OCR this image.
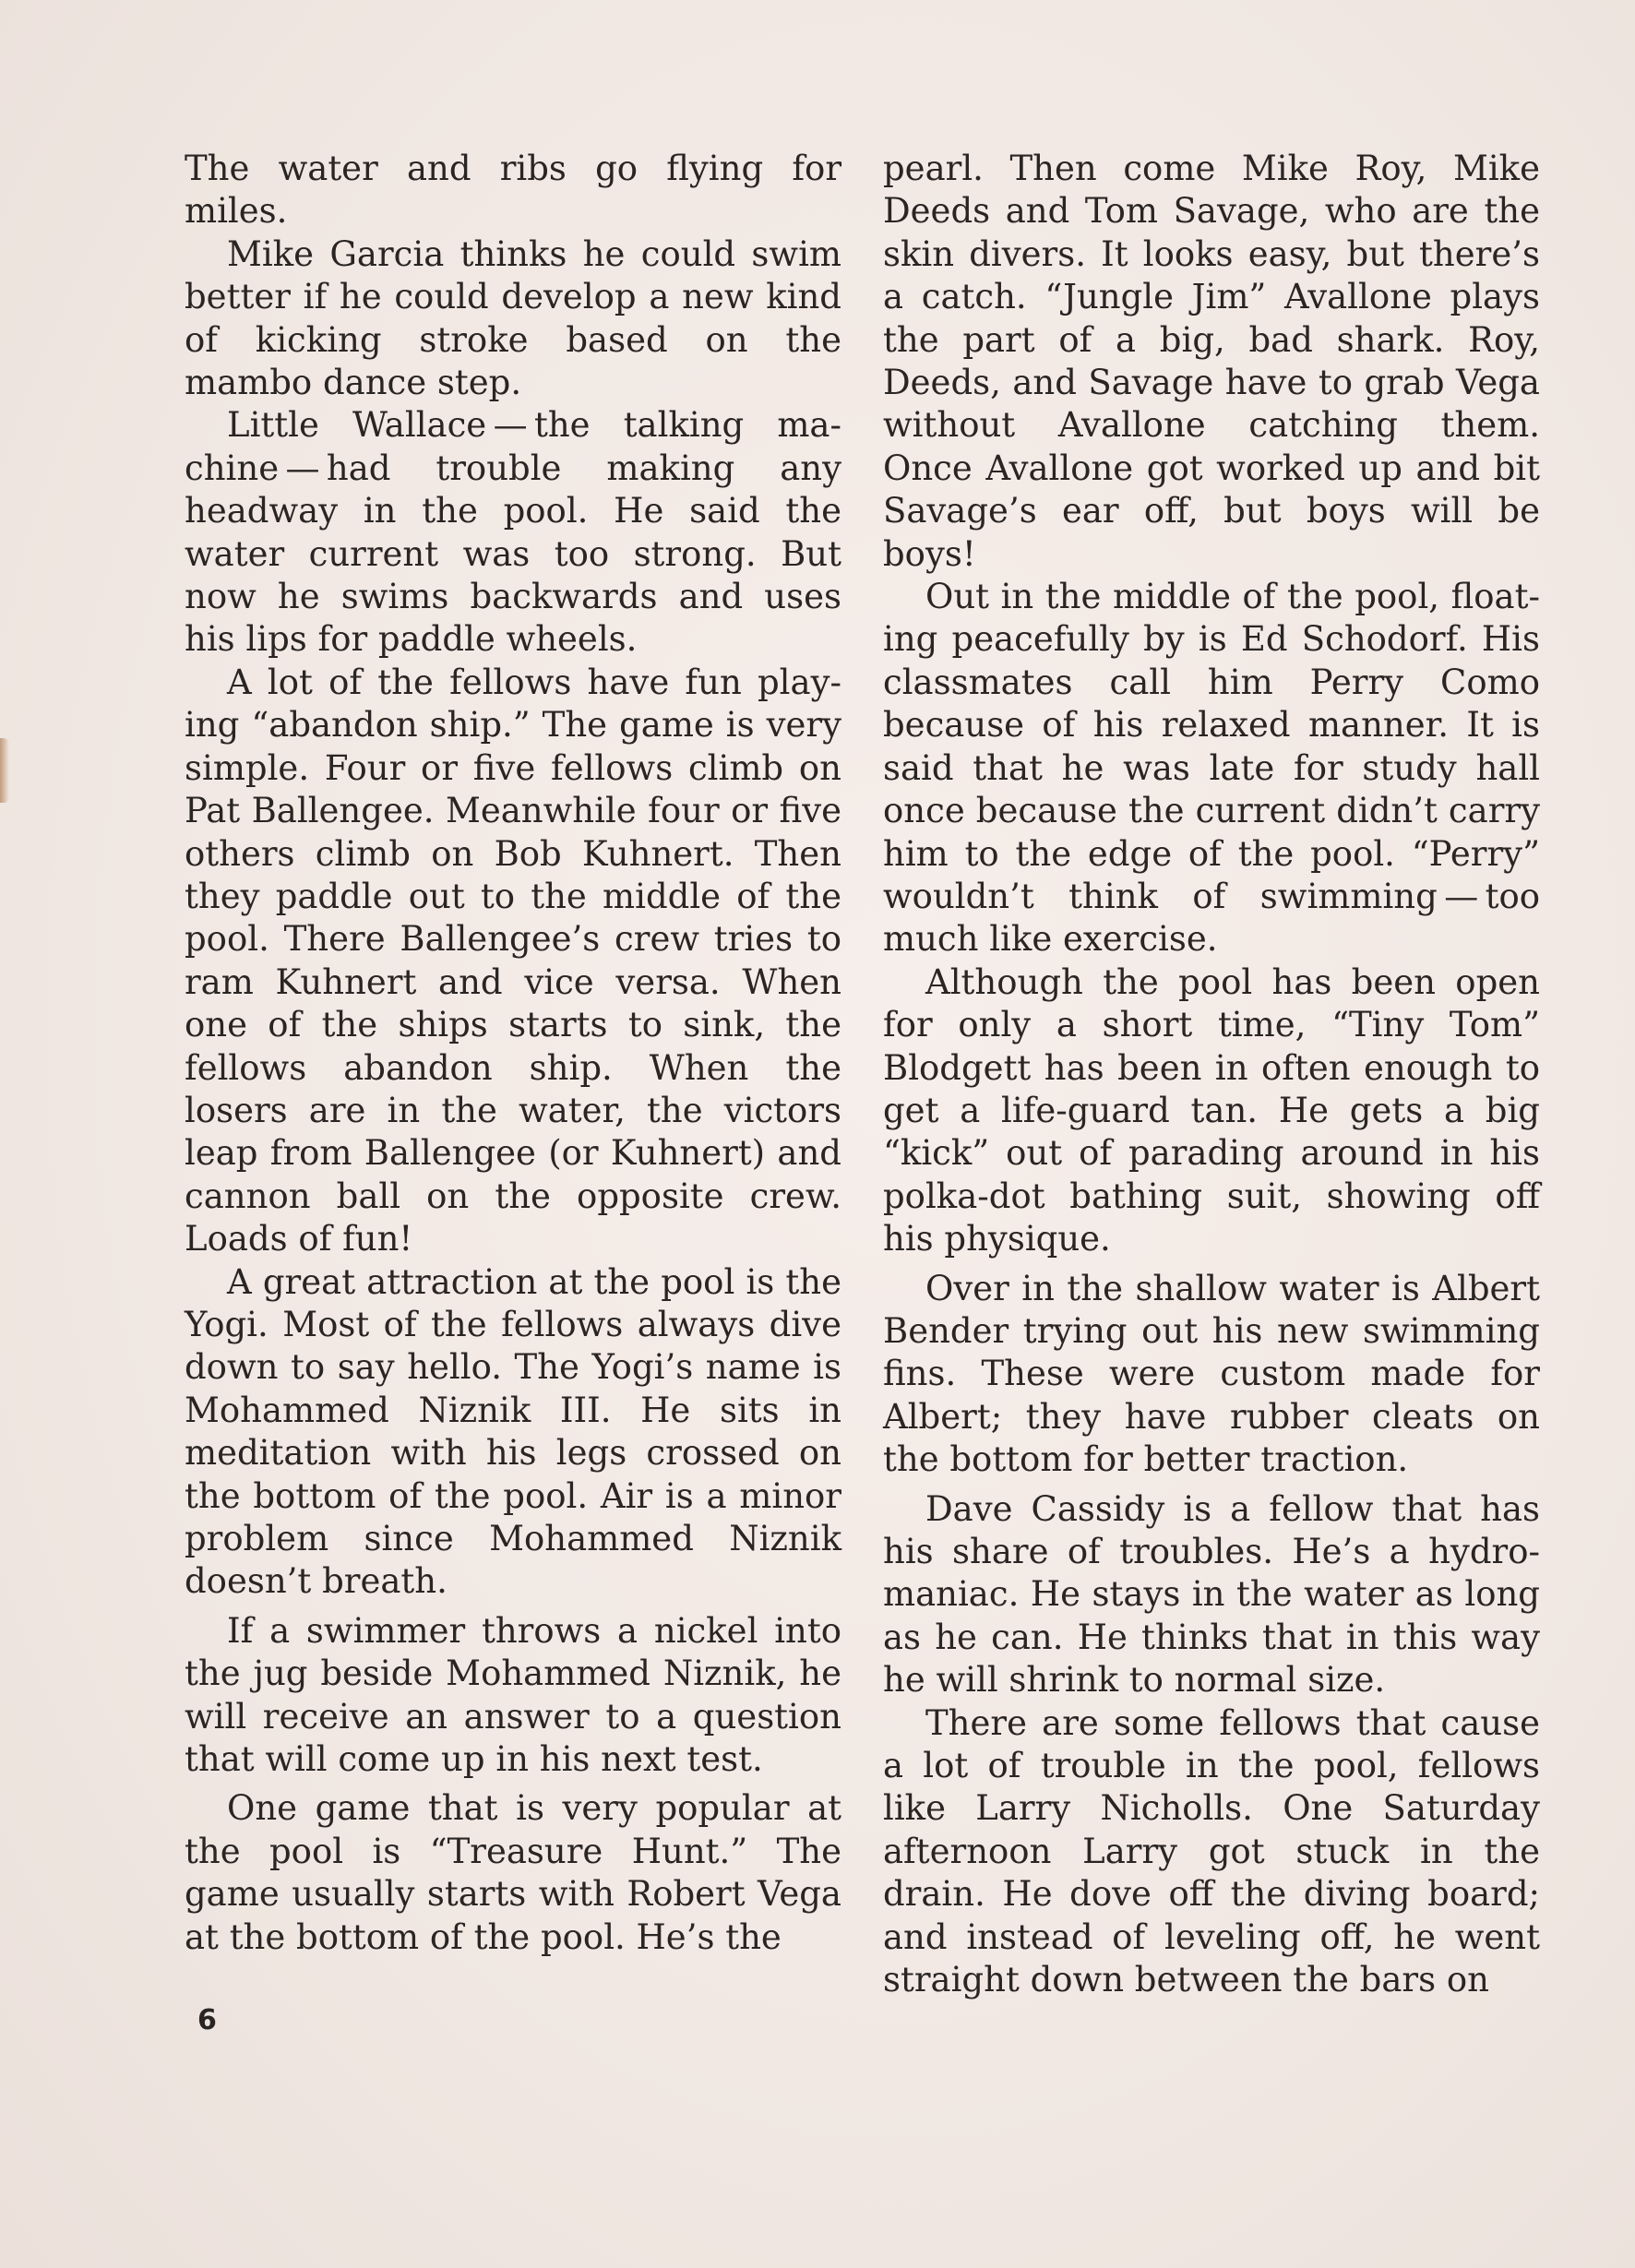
The water and ribs go flying for miles.

Mike Garcia thinks he could swim better if he could develop a new kind of kicking stroke based on the mambo dance step.

Little Wallace — the talking machine — had trouble making any headway in the pool. He said the water current was too strong. But now he swims backwards and uses his lips for paddle wheels.

A lot of the fellows have fun playing “abandon ship.” The game is very simple. Four or five fellows climb on Pat Ballengee. Meanwhile four or five others climb on Bob Kuhnert. Then they paddle out to the middle of the pool. There Ballengee’s crew tries to ram Kuhnert and vice versa. When one of the ships starts to sink, the fellows abandon ship. When the losers are in the water, the victors leap from Ballengee (or Kuhnert) and cannon ball on the opposite crew. Loads of fun!

A great attraction at the pool is the Yogi. Most of the fellows always dive down to say hello. The Yogi’s name is Mohammed Niznik III. He sits in meditation with his legs crossed on the bottom of the pool. Air is a minor problem since Mohammed Niznik doesn’t breath.

If a swimmer throws a nickel into the jug beside Mohammed Niznik, he will receive an answer to a question that will come up in his next test.

One game that is very popular at the pool is “Treasure Hunt.” The game usually starts with Robert Vega at the bottom of the pool. He’s the

pearl. Then come Mike Roy, Mike Deeds and Tom Savage, who are the skin divers. It looks easy, but there’s a catch. “Jungle Jim” Avallone plays the part of a big, bad shark. Roy, Deeds, and Savage have to grab Vega without Avallone catching them. Once Avallone got worked up and bit Savage’s ear off, but boys will be boys!

Out in the middle of the pool, floating peacefully by is Ed Schodorf. His classmates call him Perry Como because of his relaxed manner. It is said that he was late for study hall once because the current didn’t carry him to the edge of the pool. “Perry” wouldn’t think of swimming — too much like exercise.

Although the pool has been open for only a short time, “Tiny Tom” Blodgett has been in often enough to get a life-guard tan. He gets a big “kick” out of parading around in his polka-dot bathing suit, showing off his physique.

Over in the shallow water is Albert Bender trying out his new swimming fins. These were custom made for Albert; they have rubber cleats on the bottom for better traction.

Dave Cassidy is a fellow that has his share of troubles. He’s a hydromaniac. He stays in the water as long as he can. He thinks that in this way he will shrink to normal size.

There are some fellows that cause a lot of trouble in the pool, fellows like Larry Nicholls. One Saturday afternoon Larry got stuck in the drain. He dove off the diving board; and instead of leveling off, he went straight down between the bars on

6
